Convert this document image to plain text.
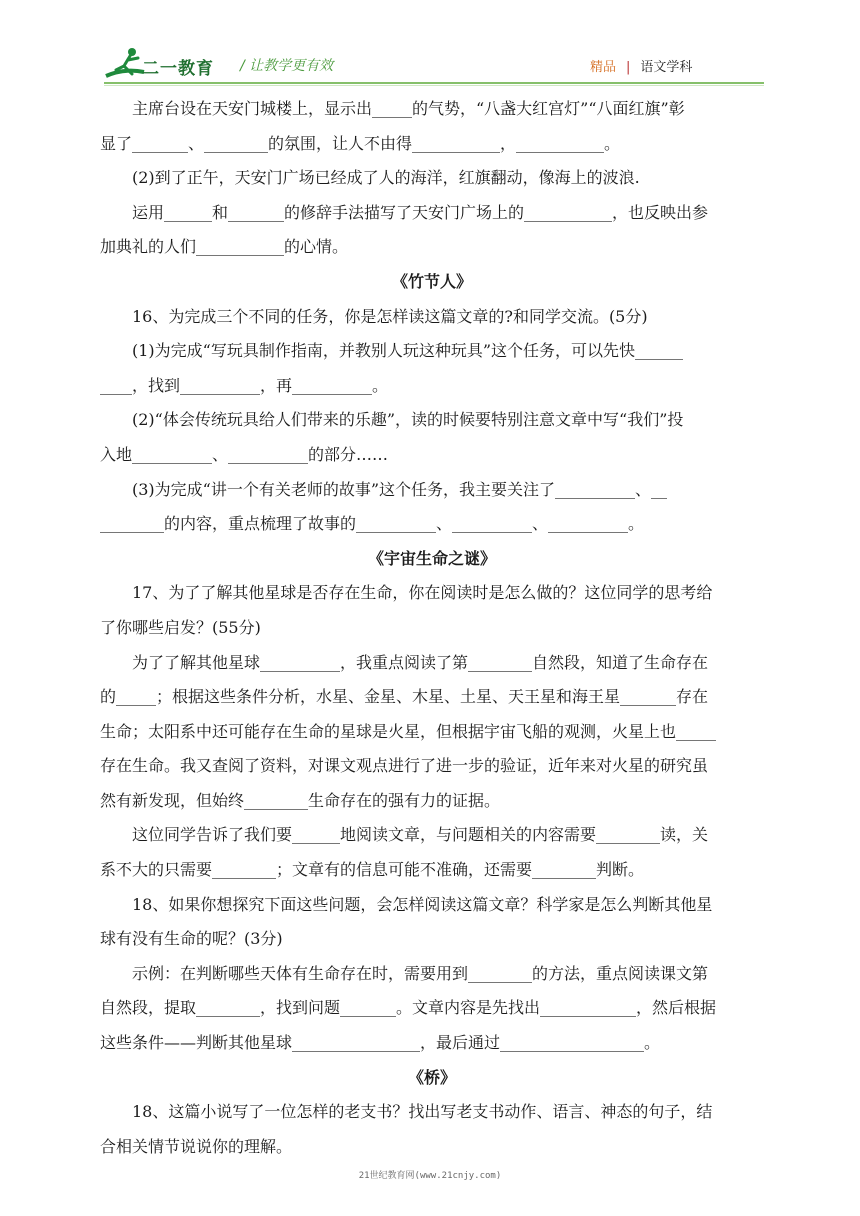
二一教育 / 让教学更有效	精品 | 语文学科

主席台设在天安门城楼上，显示出_____的气势，“八盏大红宫灯”“八面红旗”彰

显了_______、________的氛围，让人不由得___________，___________。

(2)到了正午，天安门广场已经成了人的海洋，红旗翻动，像海上的波浪.

运用______和_______的修辞手法描写了天安门广场上的___________，也反映出参

加典礼的人们___________的心情。

《竹节人》

16、为完成三个不同的任务，你是怎样读这篇文章的?和同学交流。(5分)

(1)为完成“写玩具制作指南，并教别人玩这种玩具”这个任务，可以先快______

____，找到__________，再__________。

(2)“体会传统玩具给人们带来的乐趣”，读的时候要特别注意文章中写“我们”投

入地__________、__________的部分……

(3)为完成“讲一个有关老师的故事”这个任务，我主要关注了__________、__

________的内容，重点梳理了故事的__________、__________、__________。

《宇宙生命之谜》

17、为了了解其他星球是否存在生命，你在阅读时是怎么做的？这位同学的思考给

了你哪些启发？(55分)

为了了解其他星球__________，我重点阅读了第________自然段，知道了生命存在

的_____；根据这些条件分析，水星、金星、木星、土星、天王星和海王星_______存在

生命；太阳系中还可能存在生命的星球是火星，但根据宇宙飞船的观测，火星上也_____

存在生命。我又查阅了资料，对课文观点进行了进一步的验证，近年来对火星的研究虽

然有新发现，但始终________生命存在的强有力的证据。

这位同学告诉了我们要______地阅读文章，与问题相关的内容需要________读，关

系不大的只需要________；文章有的信息可能不准确，还需要________判断。

18、如果你想探究下面这些问题，会怎样阅读这篇文章？科学家是怎么判断其他星

球有没有生命的呢？(3分)

示例：在判断哪些天体有生命存在时，需要用到________的方法，重点阅读课文第

自然段，提取________，找到问题_______。文章内容是先找出____________，然后根据

这些条件——判断其他星球________________，最后通过__________________。

《桥》

18、这篇小说写了一位怎样的老支书？找出写老支书动作、语言、神态的句子，结

合相关情节说说你的理解。

21世纪教育网(www.21cnjy.com)
